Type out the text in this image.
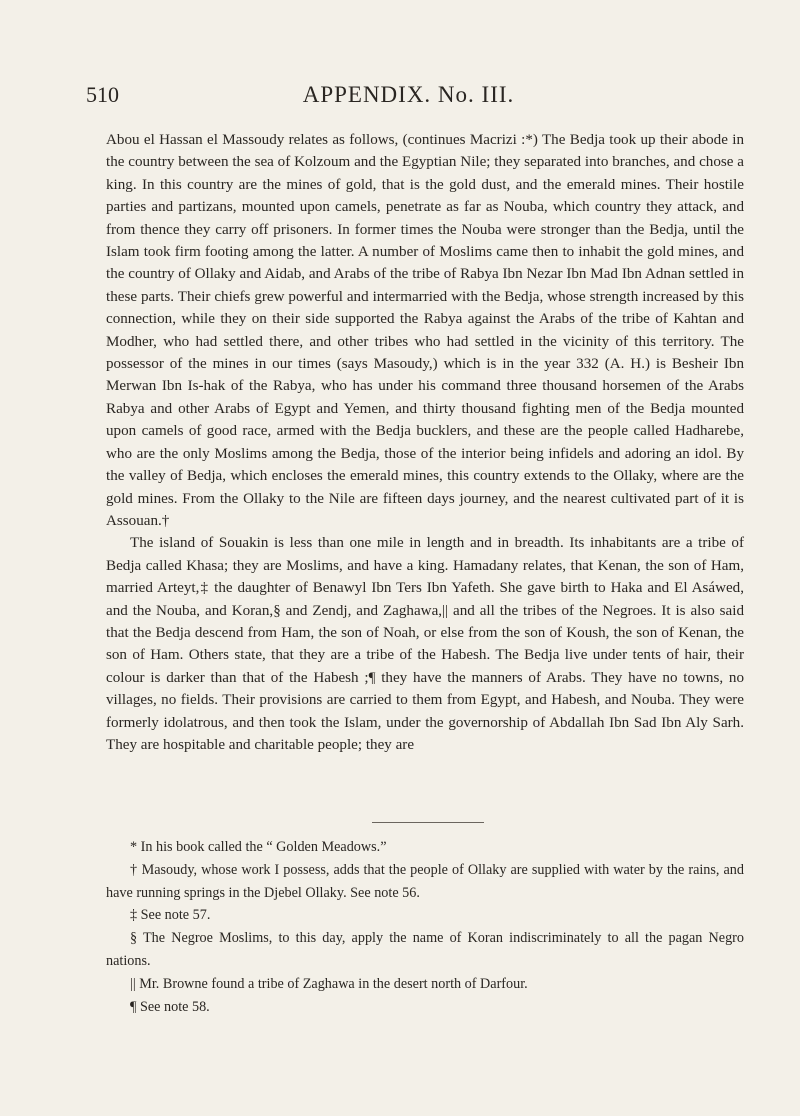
510	APPENDIX. No. III.

Abou el Hassan el Massoudy relates as follows, (continues Macrizi :*) The Bedja took up their abode in the country between the sea of Kolzoum and the Egyptian Nile; they separated into branches, and chose a king. In this country are the mines of gold, that is the gold dust, and the emerald mines. Their hostile parties and partizans, mounted upon camels, penetrate as far as Nouba, which country they attack, and from thence they carry off prisoners. In former times the Nouba were stronger than the Bedja, until the Islam took firm footing among the latter. A number of Moslims came then to inhabit the gold mines, and the country of Ollaky and Aidab, and Arabs of the tribe of Rabya Ibn Nezar Ibn Mad Ibn Adnan settled in these parts. Their chiefs grew powerful and intermarried with the Bedja, whose strength increased by this connection, while they on their side supported the Rabya against the Arabs of the tribe of Kahtan and Modher, who had settled there, and other tribes who had settled in the vicinity of this territory. The possessor of the mines in our times (says Masoudy,) which is in the year 332 (A. H.) is Besheir Ibn Merwan Ibn Is-hak of the Rabya, who has under his command three thousand horsemen of the Arabs Rabya and other Arabs of Egypt and Yemen, and thirty thousand fighting men of the Bedja mounted upon camels of good race, armed with the Bedja bucklers, and these are the people called Hadharebe, who are the only Moslims among the Bedja, those of the interior being infidels and adoring an idol. By the valley of Bedja, which encloses the emerald mines, this country extends to the Ollaky, where are the gold mines. From the Ollaky to the Nile are fifteen days journey, and the nearest cultivated part of it is Assouan.†

The island of Souakin is less than one mile in length and in breadth. Its inhabitants are a tribe of Bedja called Khasa; they are Moslims, and have a king. Hamadany relates, that Kenan, the son of Ham, married Arteyt,‡ the daughter of Benawyl Ibn Ters Ibn Yafeth. She gave birth to Haka and El Asáwed, and the Nouba, and Koran,§ and Zendj, and Zaghawa,|| and all the tribes of the Negroes. It is also said that the Bedja descend from Ham, the son of Noah, or else from the son of Koush, the son of Kenan, the son of Ham. Others state, that they are a tribe of the Habesh. The Bedja live under tents of hair, their colour is darker than that of the Habesh ;¶ they have the manners of Arabs. They have no towns, no villages, no fields. Their provisions are carried to them from Egypt, and Habesh, and Nouba. They were formerly idolatrous, and then took the Islam, under the governorship of Abdallah Ibn Sad Ibn Aly Sarh. They are hospitable and charitable people; they are

* In his book called the “ Golden Meadows.”

† Masoudy, whose work I possess, adds that the people of Ollaky are supplied with water by the rains, and have running springs in the Djebel Ollaky. See note 56.

‡ See note 57.

§ The Negroe Moslims, to this day, apply the name of Koran indiscriminately to all the pagan Negro nations.

|| Mr. Browne found a tribe of Zaghawa in the desert north of Darfour.

¶ See note 58.
